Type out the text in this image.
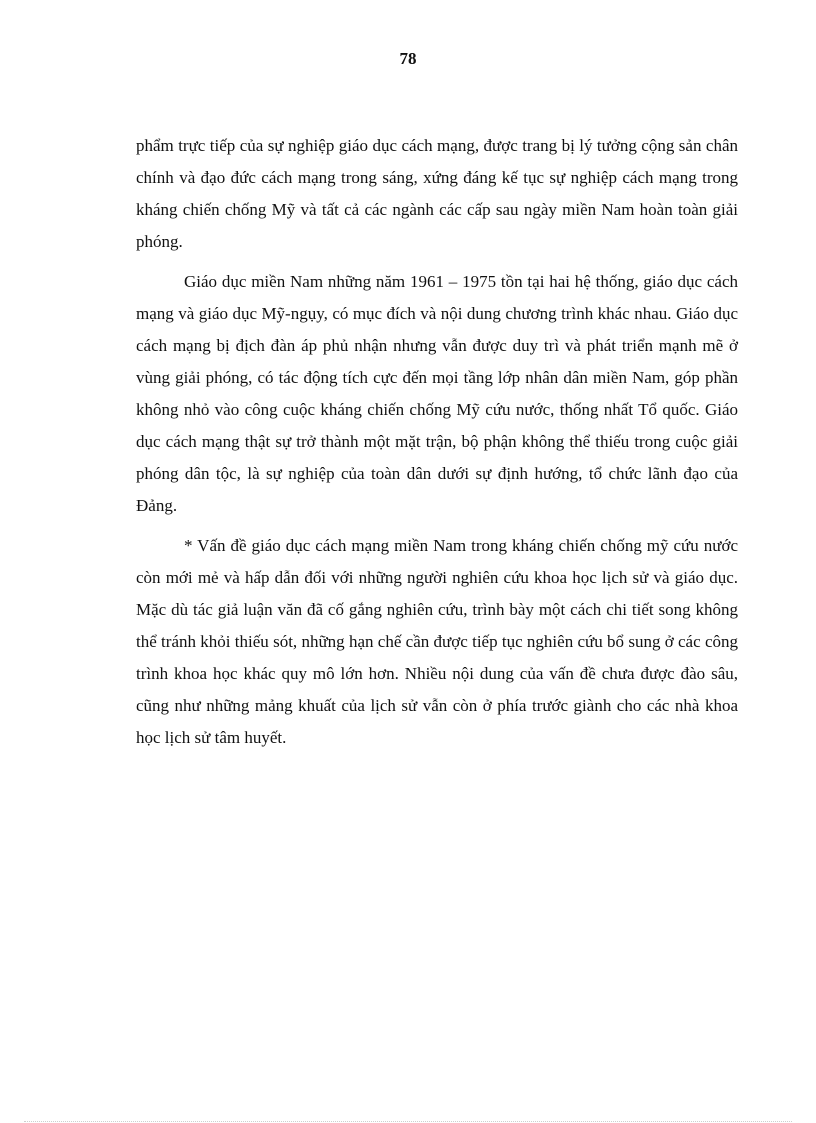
78

phẩm trực tiếp của sự nghiệp giáo dục cách mạng, được trang bị lý tưởng cộng sản chân chính và đạo đức cách mạng trong sáng, xứng đáng kế tục sự nghiệp cách mạng trong kháng chiến chống Mỹ và tất cả các ngành các cấp sau ngày miền Nam hoàn toàn giải phóng.

Giáo dục miền Nam những năm 1961 – 1975 tồn tại hai hệ thống, giáo dục cách mạng và giáo dục Mỹ-ngụy, có mục đích và nội dung chương trình khác nhau. Giáo dục cách mạng bị địch đàn áp phủ nhận nhưng vẫn được duy trì và phát triển mạnh mẽ ở vùng giải phóng, có tác động tích cực đến mọi tầng lớp nhân dân miền Nam, góp phần không nhỏ vào công cuộc kháng chiến chống Mỹ cứu nước, thống nhất Tổ quốc. Giáo dục cách mạng thật sự trở thành một mặt trận, bộ phận không thể thiếu trong cuộc giải phóng dân tộc, là sự nghiệp của toàn dân dưới sự định hướng, tổ chức lãnh đạo của Đảng.

* Vấn đề giáo dục cách mạng miền Nam trong kháng chiến chống mỹ cứu nước còn mới mẻ và hấp dẫn đối với những người nghiên cứu khoa học lịch sử và giáo dục. Mặc dù tác giả luận văn đã cố gắng nghiên cứu, trình bày một cách chi tiết song không thể tránh khỏi thiếu sót, những hạn chế cần được tiếp tục nghiên cứu bổ sung ở các công trình khoa học khác quy mô lớn hơn. Nhiều nội dung của vấn đề chưa được đào sâu, cũng như những mảng khuất của lịch sử vẫn còn ở phía trước giành cho các nhà khoa học lịch sử tâm huyết.
